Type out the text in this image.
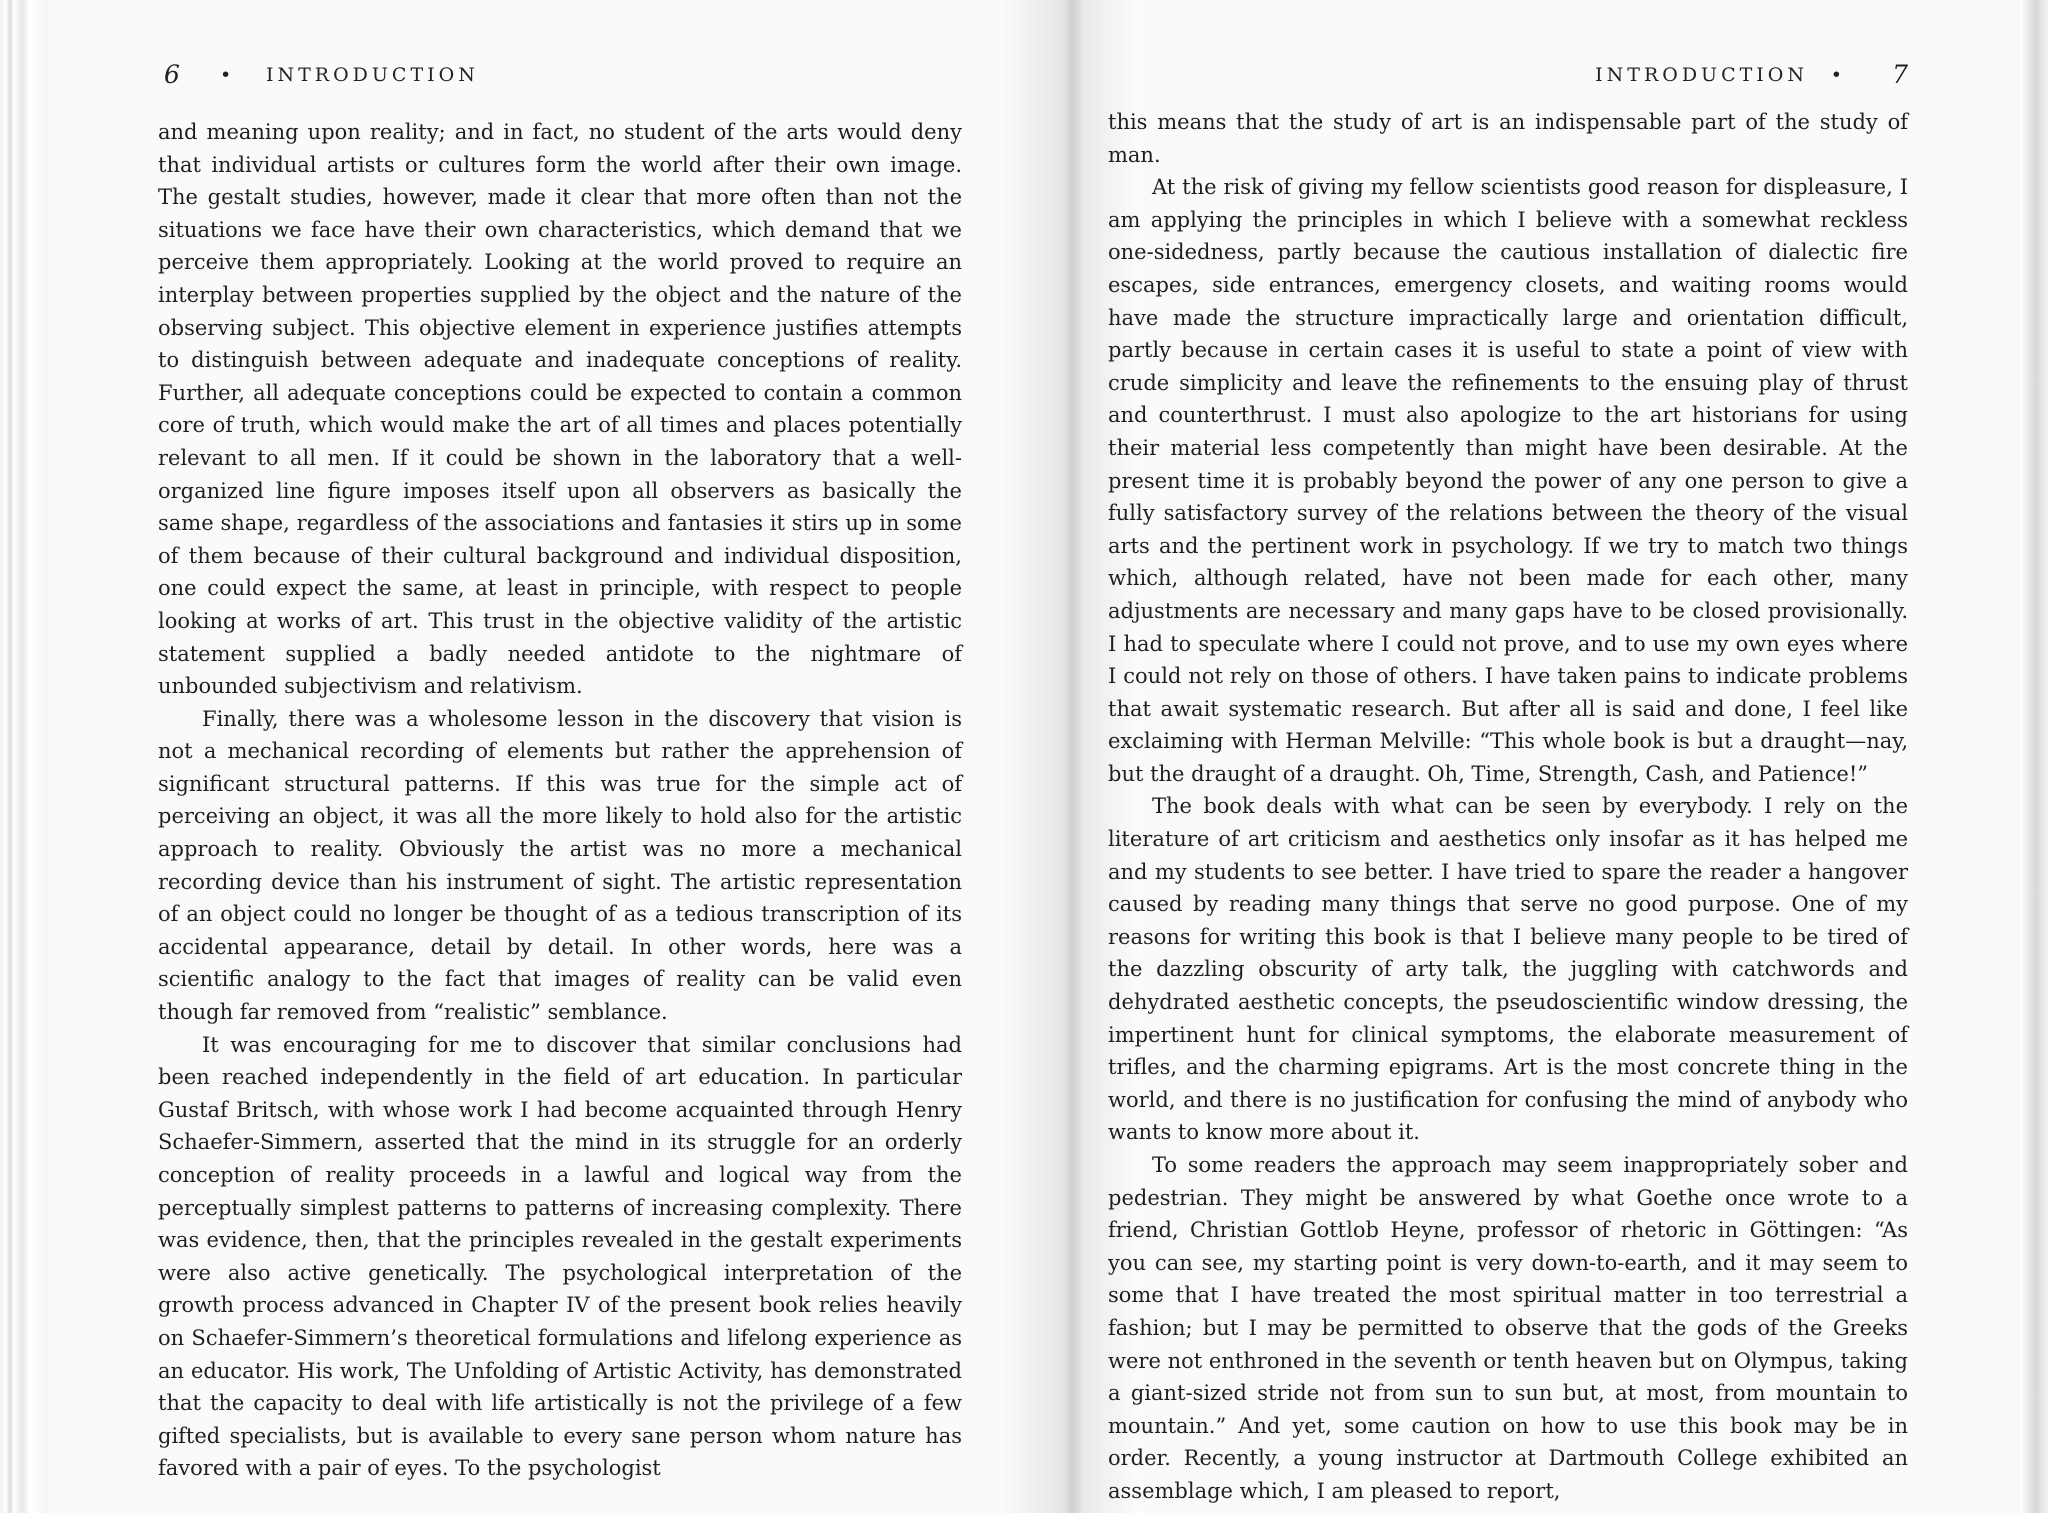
6 • INTRODUCTION

and meaning upon reality; and in fact, no student of the arts would deny that individual artists or cultures form the world after their own image. The gestalt studies, however, made it clear that more often than not the situations we face have their own characteristics, which demand that we perceive them appropriately. Looking at the world proved to require an interplay between properties supplied by the object and the nature of the observing subject. This objective element in experience justifies attempts to distinguish between adequate and inadequate conceptions of reality. Further, all adequate conceptions could be expected to contain a common core of truth, which would make the art of all times and places potentially relevant to all men. If it could be shown in the laboratory that a well-organized line figure imposes itself upon all observers as basically the same shape, regardless of the associations and fantasies it stirs up in some of them because of their cultural background and individual disposition, one could expect the same, at least in principle, with respect to people looking at works of art. This trust in the objective validity of the artistic statement supplied a badly needed antidote to the nightmare of unbounded subjectivism and relativism.

Finally, there was a wholesome lesson in the discovery that vision is not a mechanical recording of elements but rather the apprehension of significant structural patterns. If this was true for the simple act of perceiving an object, it was all the more likely to hold also for the artistic approach to reality. Obviously the artist was no more a mechanical recording device than his instrument of sight. The artistic representation of an object could no longer be thought of as a tedious transcription of its accidental appearance, detail by detail. In other words, here was a scientific analogy to the fact that images of reality can be valid even though far removed from “realistic” semblance.

It was encouraging for me to discover that similar conclusions had been reached independently in the field of art education. In particular Gustaf Britsch, with whose work I had become acquainted through Henry Schaefer-Simmern, asserted that the mind in its struggle for an orderly conception of reality proceeds in a lawful and logical way from the perceptually simplest patterns to patterns of increasing complexity. There was evidence, then, that the principles revealed in the gestalt experiments were also active genetically. The psychological interpretation of the growth process advanced in Chapter IV of the present book relies heavily on Schaefer-Simmern’s theoretical formulations and lifelong experience as an educator. His work, The Unfolding of Artistic Activity, has demonstrated that the capacity to deal with life artistically is not the privilege of a few gifted specialists, but is available to every sane person whom nature has favored with a pair of eyes. To the psychologist

INTRODUCTION • 7

this means that the study of art is an indispensable part of the study of man.

At the risk of giving my fellow scientists good reason for displeasure, I am applying the principles in which I believe with a somewhat reckless one-sidedness, partly because the cautious installation of dialectic fire escapes, side entrances, emergency closets, and waiting rooms would have made the structure impractically large and orientation difficult, partly because in certain cases it is useful to state a point of view with crude simplicity and leave the refinements to the ensuing play of thrust and counterthrust. I must also apologize to the art historians for using their material less competently than might have been desirable. At the present time it is probably beyond the power of any one person to give a fully satisfactory survey of the relations between the theory of the visual arts and the pertinent work in psychology. If we try to match two things which, although related, have not been made for each other, many adjustments are necessary and many gaps have to be closed provisionally. I had to speculate where I could not prove, and to use my own eyes where I could not rely on those of others. I have taken pains to indicate problems that await systematic research. But after all is said and done, I feel like exclaiming with Herman Melville: “This whole book is but a draught—nay, but the draught of a draught. Oh, Time, Strength, Cash, and Patience!”

The book deals with what can be seen by everybody. I rely on the literature of art criticism and aesthetics only insofar as it has helped me and my students to see better. I have tried to spare the reader a hangover caused by reading many things that serve no good purpose. One of my reasons for writing this book is that I believe many people to be tired of the dazzling obscurity of arty talk, the juggling with catchwords and dehydrated aesthetic concepts, the pseudoscientific window dressing, the impertinent hunt for clinical symptoms, the elaborate measurement of trifles, and the charming epigrams. Art is the most concrete thing in the world, and there is no justification for confusing the mind of anybody who wants to know more about it.

To some readers the approach may seem inappropriately sober and pedestrian. They might be answered by what Goethe once wrote to a friend, Christian Gottlob Heyne, professor of rhetoric in Göttingen: “As you can see, my starting point is very down-to-earth, and it may seem to some that I have treated the most spiritual matter in too terrestrial a fashion; but I may be permitted to observe that the gods of the Greeks were not enthroned in the seventh or tenth heaven but on Olympus, taking a giant-sized stride not from sun to sun but, at most, from mountain to mountain.” And yet, some caution on how to use this book may be in order. Recently, a young instructor at Dartmouth College exhibited an assemblage which, I am pleased to report,
